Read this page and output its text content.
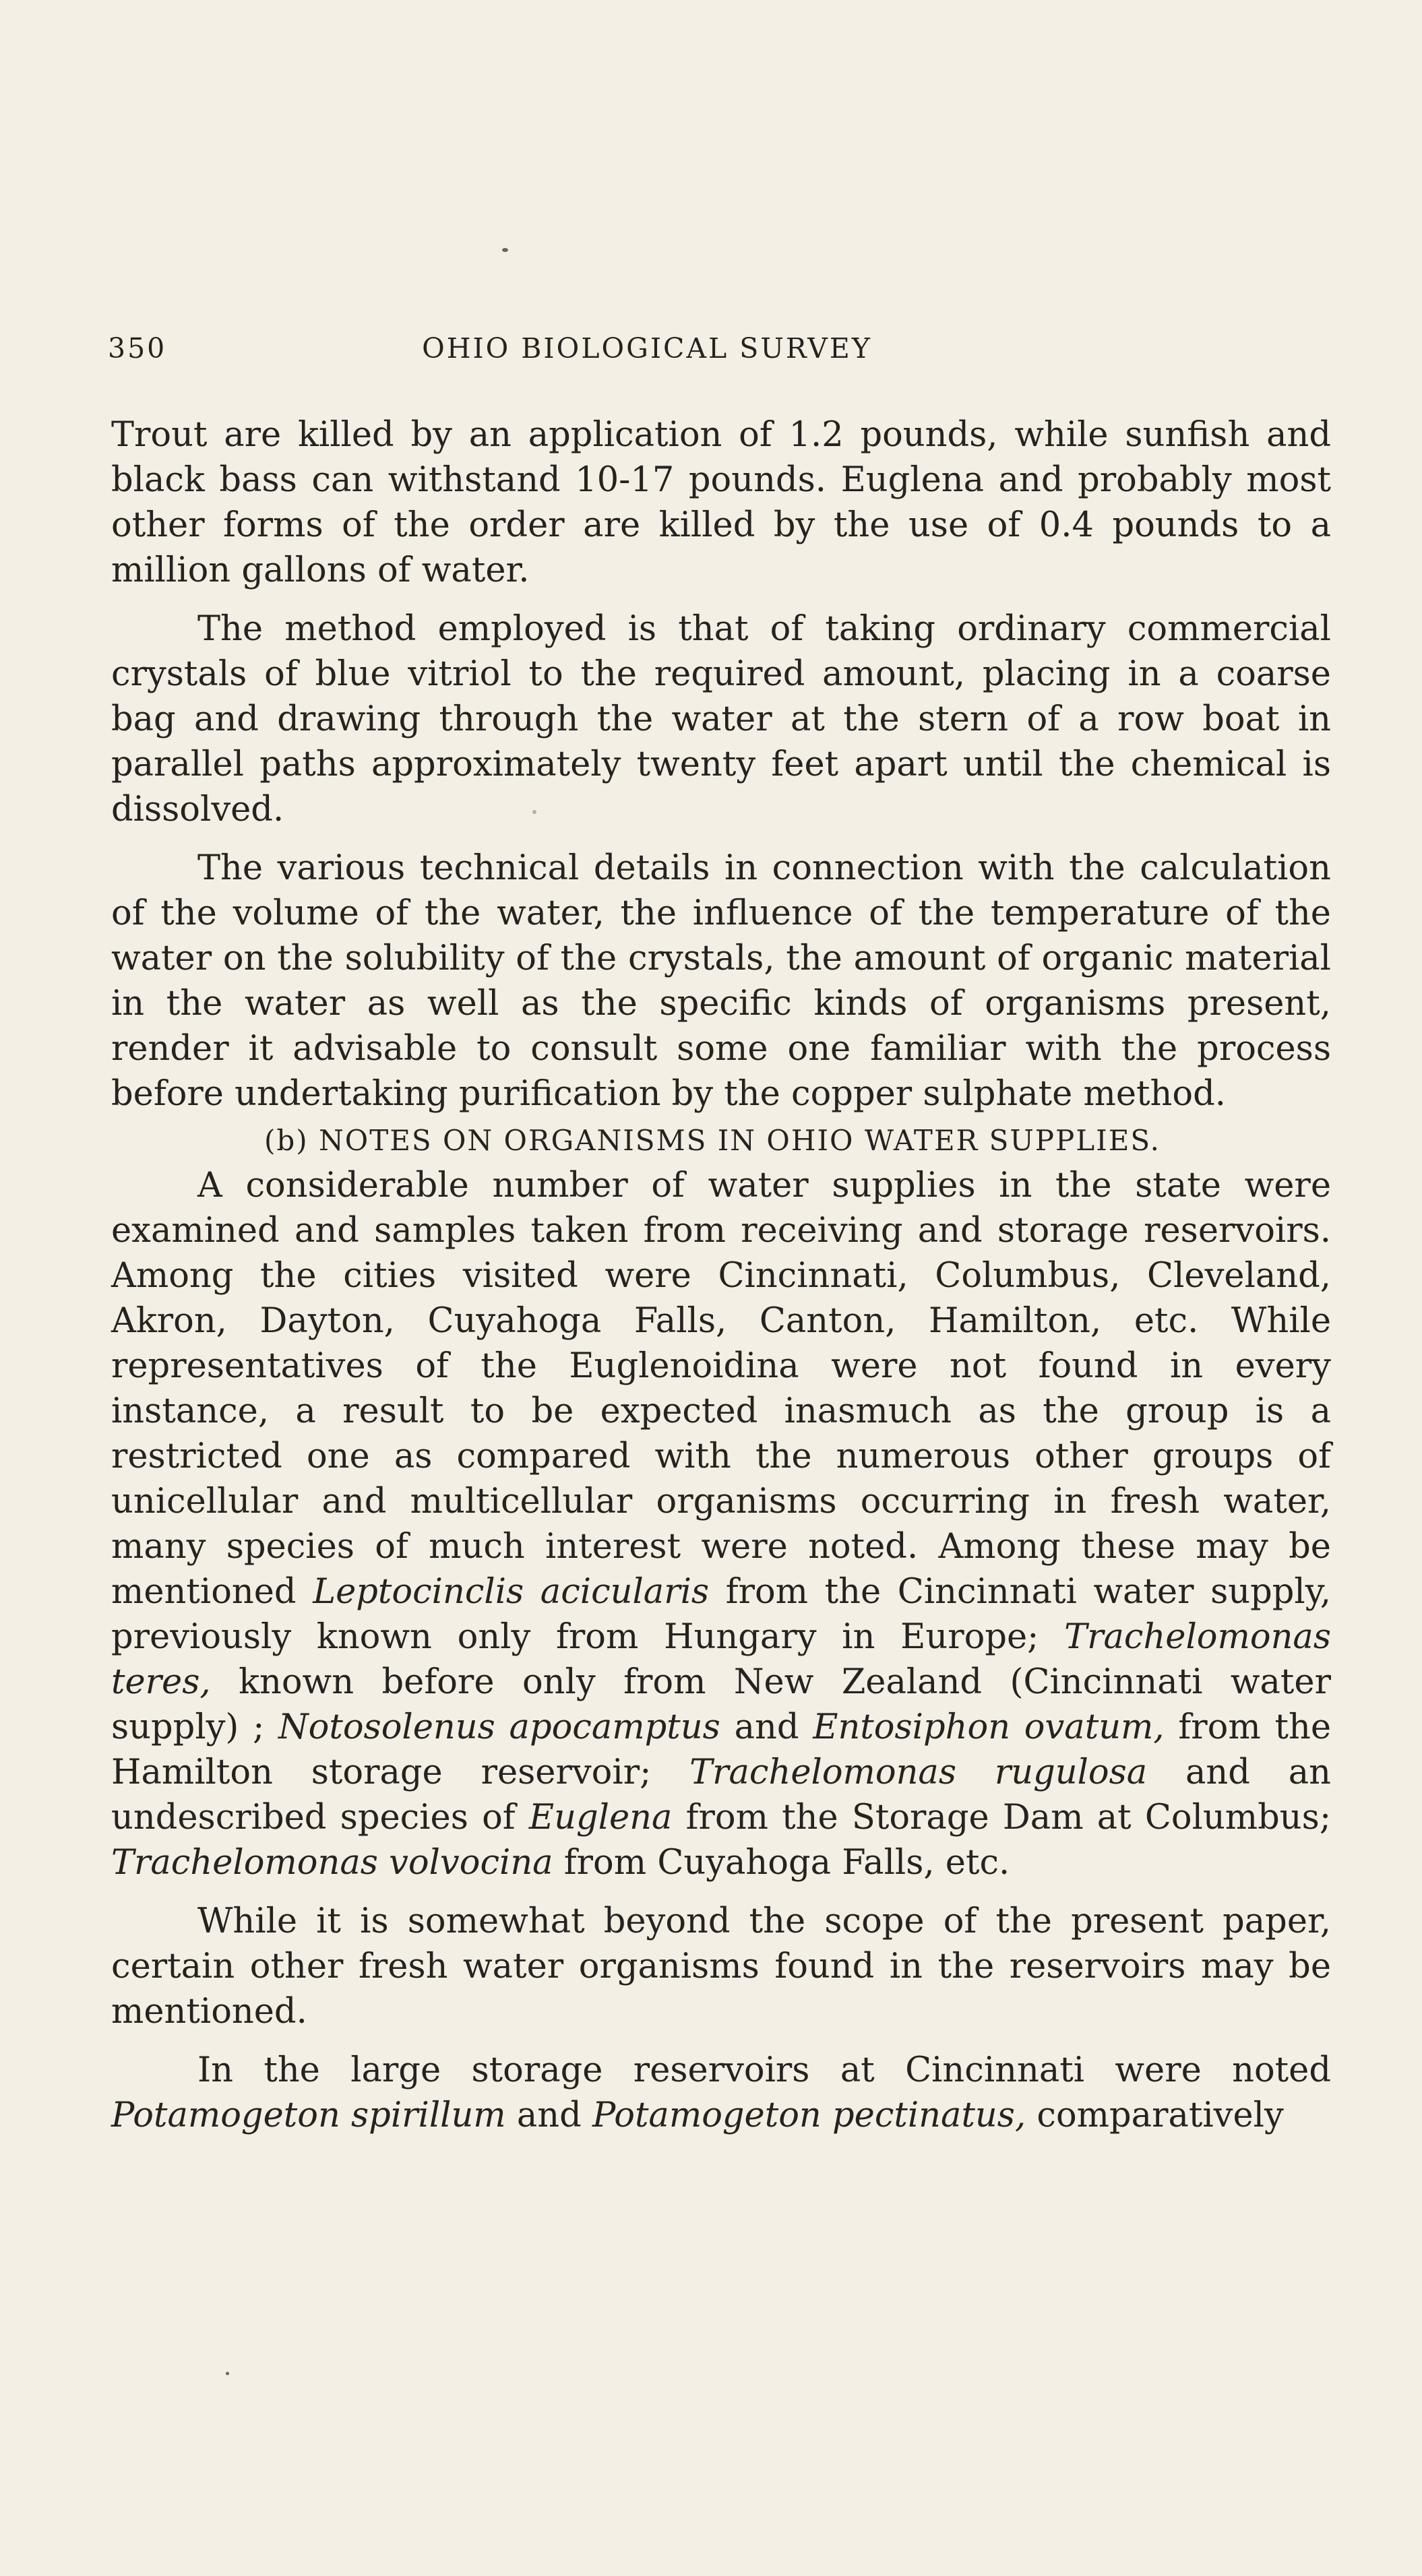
350	OHIO BIOLOGICAL SURVEY

Trout are killed by an application of 1.2 pounds, while sunfish and black bass can withstand 10-17 pounds. Euglena and probably most other forms of the order are killed by the use of 0.4 pounds to a million gallons of water.

The method employed is that of taking ordinary commercial crystals of blue vitriol to the required amount, placing in a coarse bag and drawing through the water at the stern of a row boat in parallel paths approximately twenty feet apart until the chemical is dissolved.

The various technical details in connection with the calculation of the volume of the water, the influence of the temperature of the water on the solubility of the crystals, the amount of organic material in the water as well as the specific kinds of organisms present, render it advisable to consult some one familiar with the process before undertaking purification by the copper sulphate method.

(b) NOTES ON ORGANISMS IN OHIO WATER SUPPLIES.

A considerable number of water supplies in the state were examined and samples taken from receiving and storage reservoirs. Among the cities visited were Cincinnati, Columbus, Cleveland, Akron, Dayton, Cuyahoga Falls, Canton, Hamilton, etc. While representatives of the Euglenoidina were not found in every instance, a result to be expected inasmuch as the group is a restricted one as compared with the numerous other groups of unicellular and multicellular organisms occurring in fresh water, many species of much interest were noted. Among these may be mentioned Leptocinclis acicularis from the Cincinnati water supply, previously known only from Hungary in Europe; Trachelomonas teres, known before only from New Zealand (Cincinnati water supply) ; Notosolenus apocamptus and Entosiphon ovatum, from the Hamilton storage reservoir; Trachelomonas rugulosa and an undescribed species of Euglena from the Storage Dam at Columbus; Trachelomonas volvocina from Cuyahoga Falls, etc.

While it is somewhat beyond the scope of the present paper, certain other fresh water organisms found in the reservoirs may be mentioned.

In the large storage reservoirs at Cincinnati were noted Potamogeton spirillum and Potamogeton pectinatus, comparatively
